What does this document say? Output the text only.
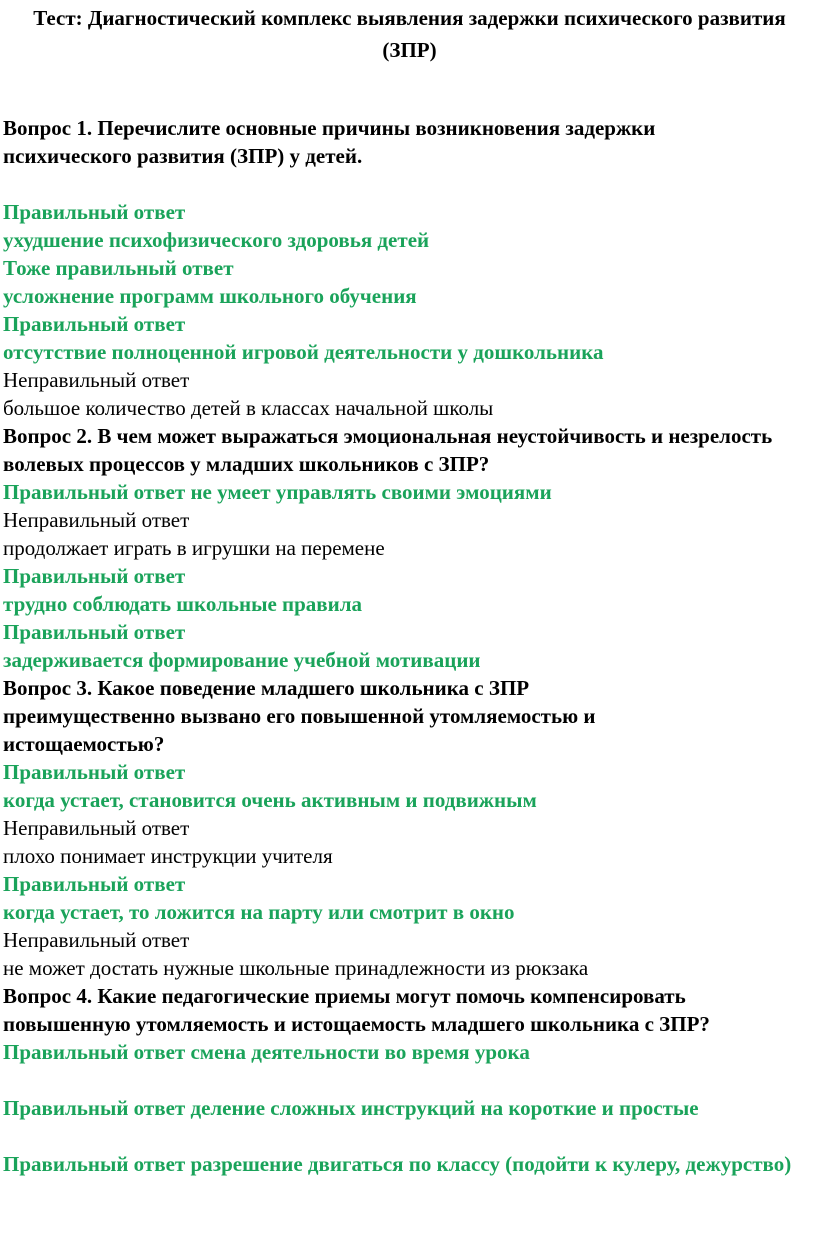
Тест: Диагностический комплекс выявления задержки психического развития (ЗПР)

Вопрос 1. Перечислите основные причины возникновения задержки психического развития (ЗПР) у детей.

Правильный ответ

ухудшение психофизического здоровья детей

Тоже правильный ответ

усложнение программ школьного обучения

Правильный ответ

отсутствие полноценной игровой деятельности у дошкольника

Неправильный ответ

большое количество детей в классах начальной школы

Вопрос 2. В чем может выражаться эмоциональная неустойчивость и незрелость волевых процессов у младших школьников с ЗПР?

Правильный ответ не умеет управлять своими эмоциями

Неправильный ответ

продолжает играть в игрушки на перемене

Правильный ответ

трудно соблюдать школьные правила

Правильный ответ

задерживается формирование учебной мотивации

Вопрос 3. Какое поведение младшего школьника с ЗПР преимущественно вызвано его повышенной утомляемостью и истощаемостью?

Правильный ответ

когда устает, становится очень активным и подвижным

Неправильный ответ

плохо понимает инструкции учителя

Правильный ответ

когда устает, то ложится на парту или смотрит в окно

Неправильный ответ

не может достать нужные школьные принадлежности из рюкзака

Вопрос 4. Какие педагогические приемы могут помочь компенсировать повышенную утомляемость и истощаемость младшего школьника с ЗПР?

Правильный ответ смена деятельности во время урока

Правильный ответ деление сложных инструкций на короткие и простые

Правильный ответ разрешение двигаться по классу (подойти к кулеру, дежурство)
